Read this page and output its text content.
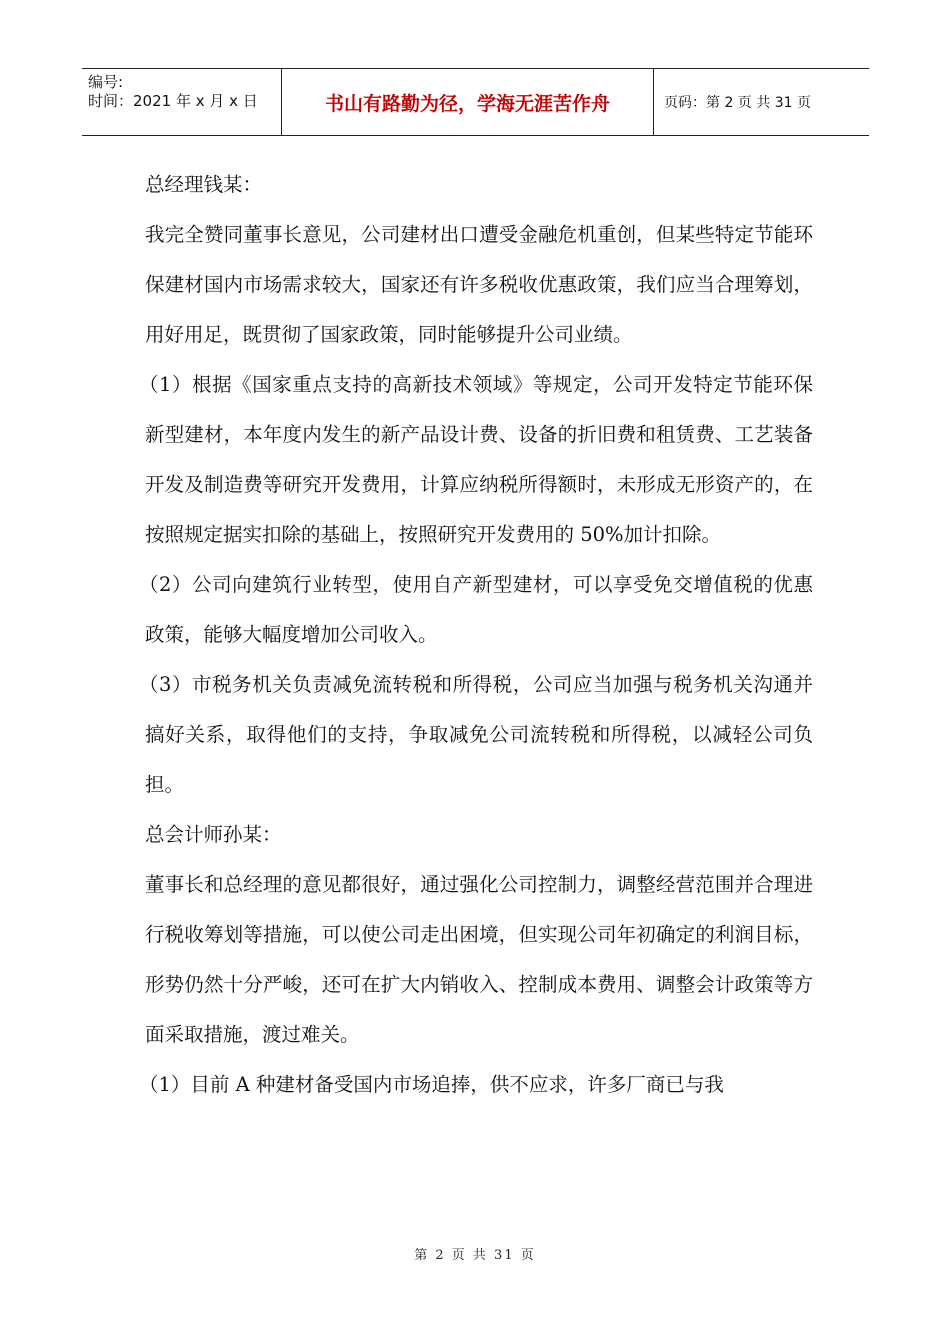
编号:
时间：2021 年 x 月 x 日	书山有路勤为径，学海无涯苦作舟	页码：第 2 页 共 31 页

总经理钱某：

我完全赞同董事长意见，公司建材出口遭受金融危机重创，但某些特定节能环保建材国内市场需求较大，国家还有许多税收优惠政策，我们应当合理筹划，用好用足，既贯彻了国家政策，同时能够提升公司业绩。

（1）根据《国家重点支持的高新技术领域》等规定，公司开发特定节能环保新型建材，本年度内发生的新产品设计费、设备的折旧费和租赁费、工艺装备开发及制造费等研究开发费用，计算应纳税所得额时，未形成无形资产的，在按照规定据实扣除的基础上，按照研究开发费用的 50%加计扣除。

（2）公司向建筑行业转型，使用自产新型建材，可以享受免交增值税的优惠政策，能够大幅度增加公司收入。

（3）市税务机关负责减免流转税和所得税，公司应当加强与税务机关沟通并搞好关系，取得他们的支持，争取减免公司流转税和所得税，以减轻公司负担。

总会计师孙某：

董事长和总经理的意见都很好，通过强化公司控制力，调整经营范围并合理进行税收筹划等措施，可以使公司走出困境，但实现公司年初确定的利润目标，形势仍然十分严峻，还可在扩大内销收入、控制成本费用、调整会计政策等方面采取措施，渡过难关。

（1）目前 A 种建材备受国内市场追捧，供不应求，许多厂商已与我

第 2 页 共 31 页
